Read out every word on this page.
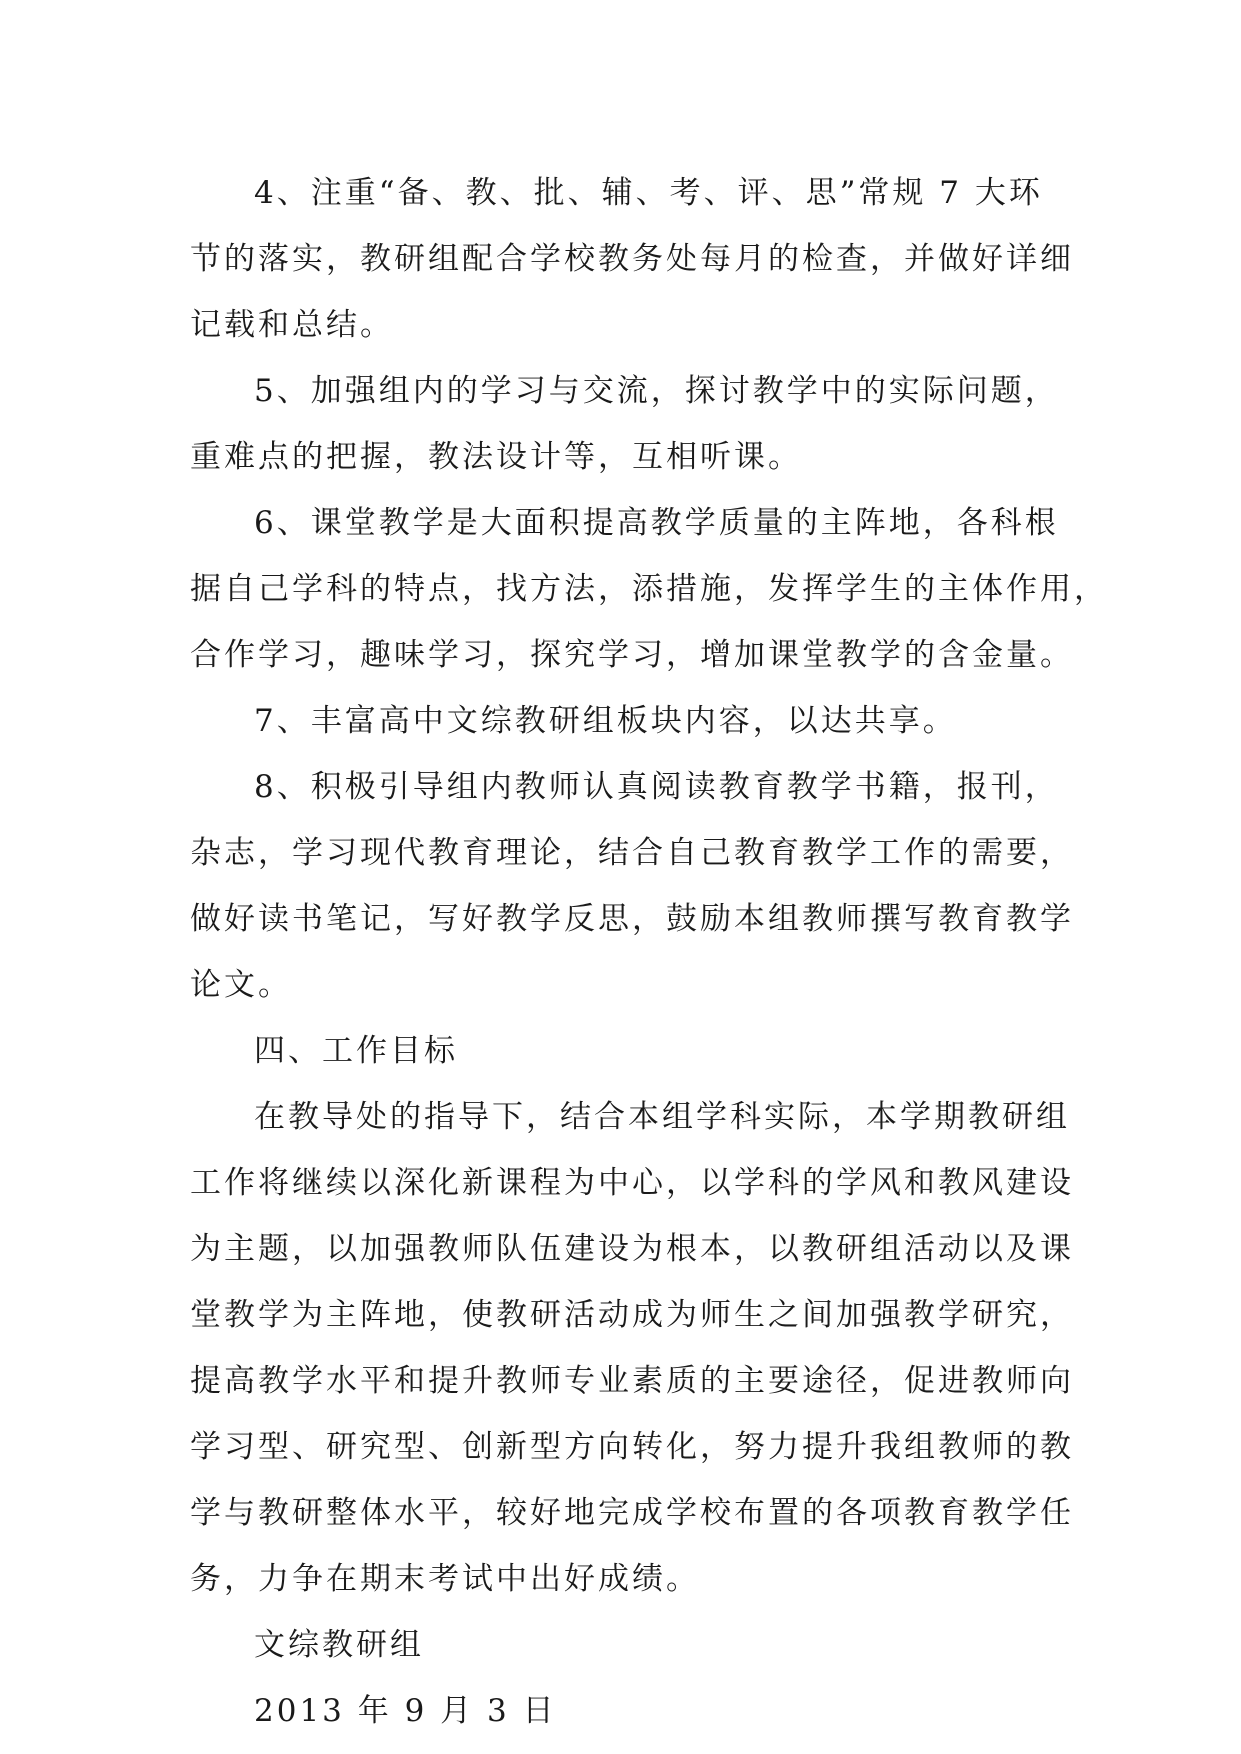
4、注重“备、教、批、辅、考、评、思”常规 7 大环
节的落实，教研组配合学校教务处每月的检查，并做好详细
记载和总结。
5、加强组内的学习与交流，探讨教学中的实际问题，
重难点的把握，教法设计等，互相听课。
6、课堂教学是大面积提高教学质量的主阵地，各科根
据自己学科的特点，找方法，添措施，发挥学生的主体作用，
合作学习，趣味学习，探究学习，增加课堂教学的含金量。
7、丰富高中文综教研组板块内容，以达共享。
8、积极引导组内教师认真阅读教育教学书籍，报刊，
杂志，学习现代教育理论，结合自己教育教学工作的需要，
做好读书笔记，写好教学反思，鼓励本组教师撰写教育教学
论文。
四、工作目标
在教导处的指导下，结合本组学科实际，本学期教研组
工作将继续以深化新课程为中心，以学科的学风和教风建设
为主题，以加强教师队伍建设为根本，以教研组活动以及课
堂教学为主阵地，使教研活动成为师生之间加强教学研究，
提高教学水平和提升教师专业素质的主要途径，促进教师向
学习型、研究型、创新型方向转化，努力提升我组教师的教
学与教研整体水平，较好地完成学校布置的各项教育教学任
务，力争在期末考试中出好成绩。
文综教研组
2013 年 9 月 3 日
